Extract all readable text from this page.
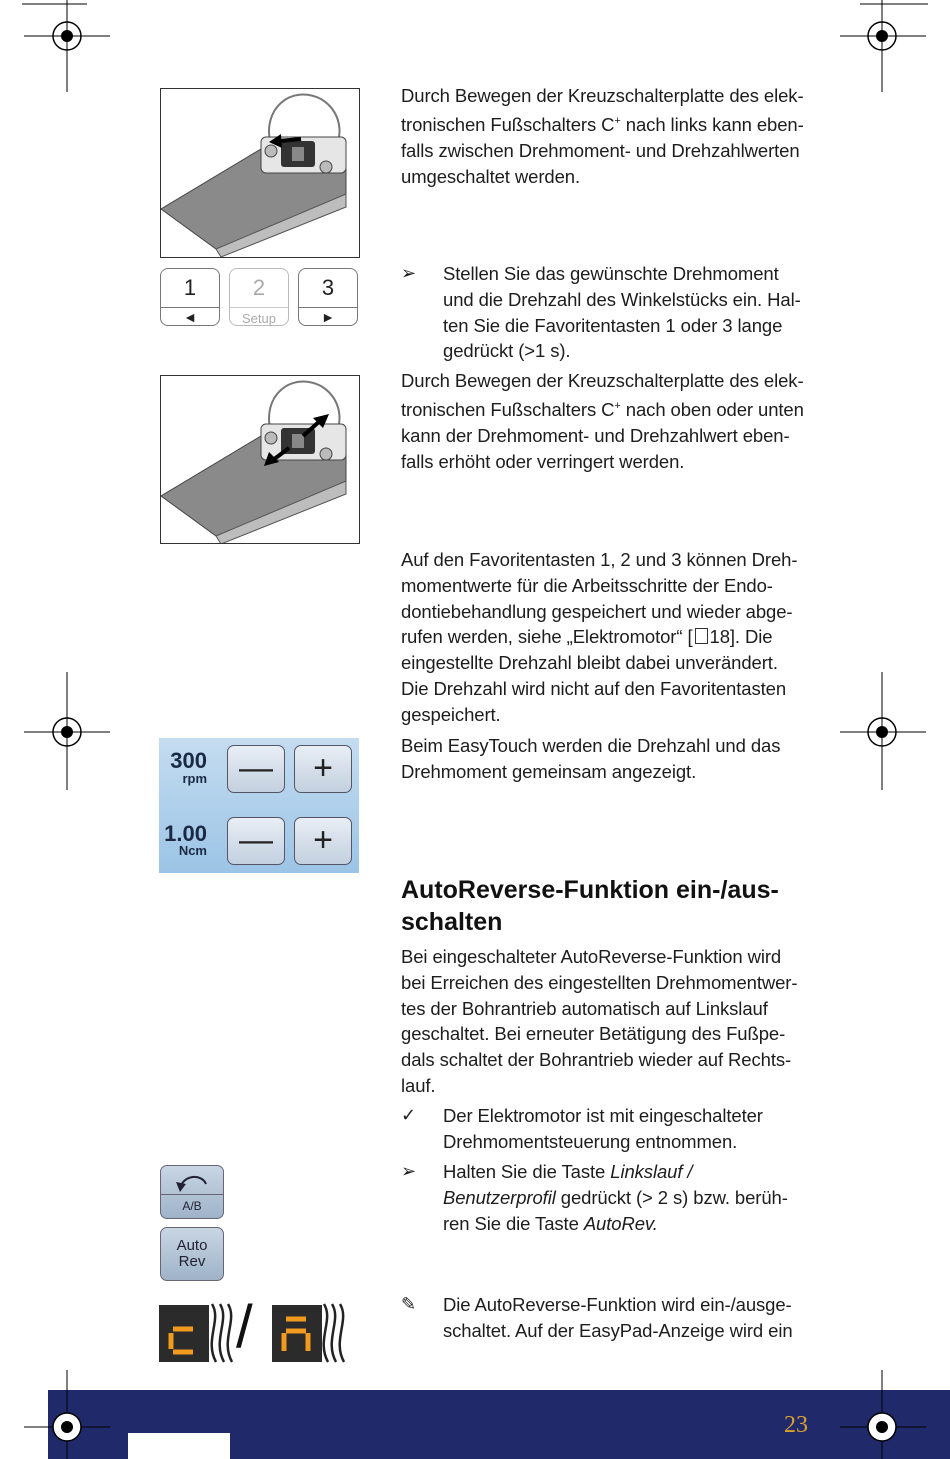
Durch Bewegen der Kreuzschalterplatte des elek-
tronischen Fußschalters C+ nach links kann eben-
falls zwischen Drehmoment- und Drehzahlwerten
umgeschaltet werden.
1
◄
2
Setup
3
►
➢	Stellen Sie das gewünschte Drehmoment
und die Drehzahl des Winkelstücks ein. Hal-
ten Sie die Favoritentasten 1 oder 3 lange
gedrückt (>1 s).
Durch Bewegen der Kreuzschalterplatte des elek-
tronischen Fußschalters C+ nach oben oder unten
kann der Drehmoment- und Drehzahlwert eben-
falls erhöht oder verringert werden.
Auf den Favoritentasten 1, 2 und 3 können Dreh-
momentwerte für die Arbeitsschritte der Endo-
dontiebehandlung gespeichert und wieder abge-
rufen werden, siehe „Elektromotor“ [ 18]. Die
eingestellte Drehzahl bleibt dabei unverändert.
Die Drehzahl wird nicht auf den Favoritentasten
gespeichert.
Beim EasyTouch werden die Drehzahl und das
Drehmoment gemeinsam angezeigt.
300
rpm —	+
1.00
Ncm —	+
AutoReverse-Funktion ein-/aus-
schalten
Bei eingeschalteter AutoReverse-Funktion wird
bei Erreichen des eingestellten Drehmomentwer-
tes der Bohrantrieb automatisch auf Linkslauf
geschaltet. Bei erneuter Betätigung des Fußpe-
dals schaltet der Bohrantrieb wieder auf Rechts-
lauf.
✓	Der Elektromotor ist mit eingeschalteter
Drehmomentsteuerung entnommen.
➢	Halten Sie die Taste Linkslauf /
Benutzerprofil gedrückt (> 2 s) bzw. berüh-
ren Sie die Taste AutoRev.
✎	Die AutoReverse-Funktion wird ein-/ausge-
schaltet. Auf der EasyPad-Anzeige wird ein
A/B
Auto
Rev
/
23
